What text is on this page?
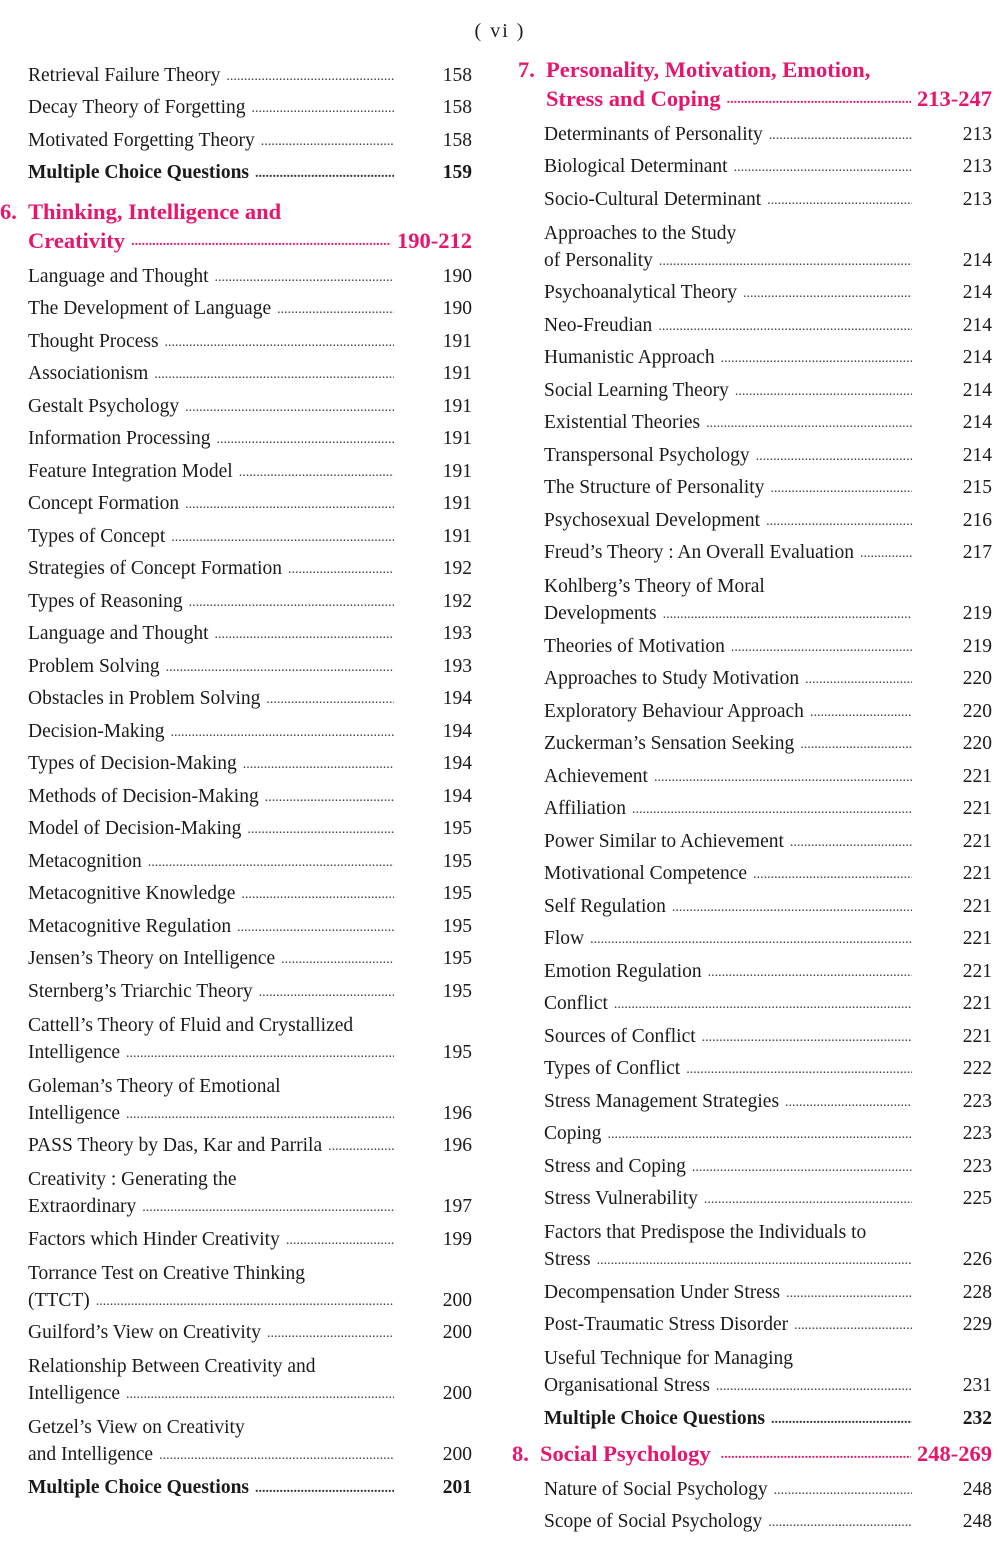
( vi )
Retrieval Failure Theory .....	158
Decay Theory of Forgetting .....	158
Motivated Forgetting Theory .....	158
Multiple Choice Questions .....	159
6. Thinking, Intelligence and
Creativity .....	190-212
Language and Thought .....	190
The Development of Language .....	190
Thought Process .....	191
Associationism .....	191
Gestalt Psychology .....	191
Information Processing .....	191
Feature Integration Model .....	191
Concept Formation .....	191
Types of Concept .....	191
Strategies of Concept Formation .....	192
Types of Reasoning .....	192
Language and Thought .....	193
Problem Solving .....	193
Obstacles in Problem Solving .....	194
Decision-Making .....	194
Types of Decision-Making .....	194
Methods of Decision-Making .....	194
Model of Decision-Making .....	195
Metacognition .....	195
Metacognitive Knowledge .....	195
Metacognitive Regulation .....	195
Jensen’s Theory on Intelligence .....	195
Sternberg’s Triarchic Theory .....	195
Cattell’s Theory of Fluid and Crystallized
Intelligence .....	195
Goleman’s Theory of Emotional
Intelligence .....	196
PASS Theory by Das, Kar and Parrila .....	196
Creativity : Generating the
Extraordinary .....	197
Factors which Hinder Creativity .....	199
Torrance Test on Creative Thinking
(TTCT) .....	200
Guilford’s View on Creativity .....	200
Relationship Between Creativity and
Intelligence .....	200
Getzel’s View on Creativity
and Intelligence .....	200
Multiple Choice Questions .....	201
7. Personality, Motivation, Emotion,
Stress and Coping .....	213-247
Determinants of Personality .....	213
Biological Determinant .....	213
Socio-Cultural Determinant .....	213
Approaches to the Study
of Personality .....	214
Psychoanalytical Theory .....	214
Neo-Freudian .....	214
Humanistic Approach .....	214
Social Learning Theory .....	214
Existential Theories .....	214
Transpersonal Psychology .....	214
The Structure of Personality .....	215
Psychosexual Development .....	216
Freud’s Theory : An Overall Evaluation .....	217
Kohlberg’s Theory of Moral
Developments .....	219
Theories of Motivation .....	219
Approaches to Study Motivation .....	220
Exploratory Behaviour Approach .....	220
Zuckerman’s Sensation Seeking .....	220
Achievement .....	221
Affiliation .....	221
Power Similar to Achievement .....	221
Motivational Competence .....	221
Self Regulation .....	221
Flow .....	221
Emotion Regulation .....	221
Conflict .....	221
Sources of Conflict .....	221
Types of Conflict .....	222
Stress Management Strategies .....	223
Coping .....	223
Stress and Coping .....	223
Stress Vulnerability .....	225
Factors that Predispose the Individuals to
Stress .....	226
Decompensation Under Stress .....	228
Post-Traumatic Stress Disorder .....	229
Useful Technique for Managing
Organisational Stress .....	231
Multiple Choice Questions .....	232
8. Social Psychology .....	248-269
Nature of Social Psychology .....	248
Scope of Social Psychology .....	248
